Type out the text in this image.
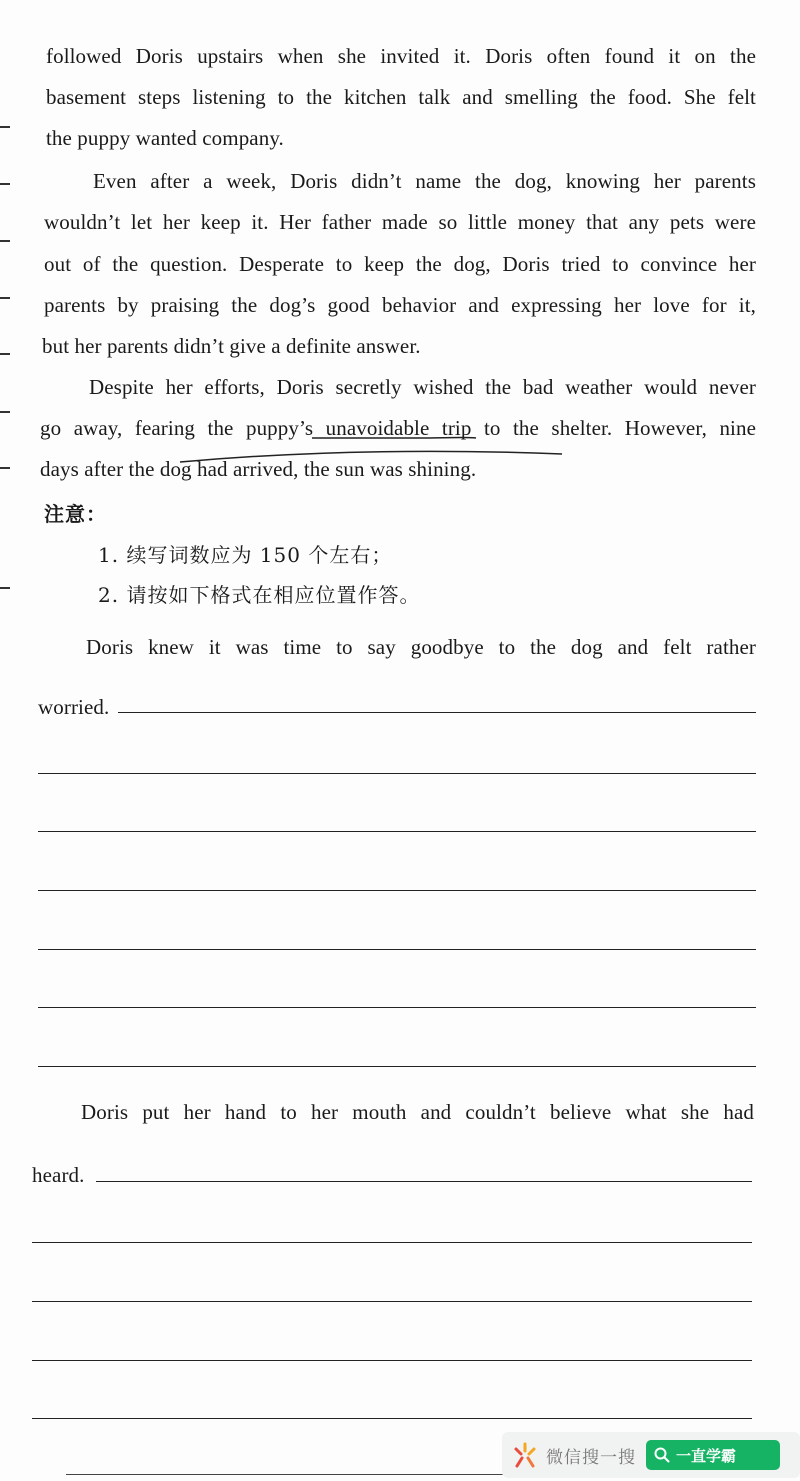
followed Doris upstairs when she invited it. Doris often found it on the
basement steps listening to the kitchen talk and smelling the food. She felt
the puppy wanted company.
Even after a week, Doris didn’t name the dog, knowing her parents
wouldn’t let her keep it. Her father made so little money that any pets were
out of the question. Desperate to keep the dog, Doris tried to convince her
parents by praising the dog’s good behavior and expressing her love for it,
but her parents didn’t give a definite answer.
Despite her efforts, Doris secretly wished the bad weather would never
go away, fearing the puppy’s unavoidable trip to the shelter. However, nine
days after the dog had arrived, the sun was shining.
注意：
1. 续写词数应为 150 个左右；
2. 请按如下格式在相应位置作答。
Doris knew it was time to say goodbye to the dog and felt rather
worried.
Doris put her hand to her mouth and couldn’t believe what she had
heard.
微信搜一搜	一直学霸
